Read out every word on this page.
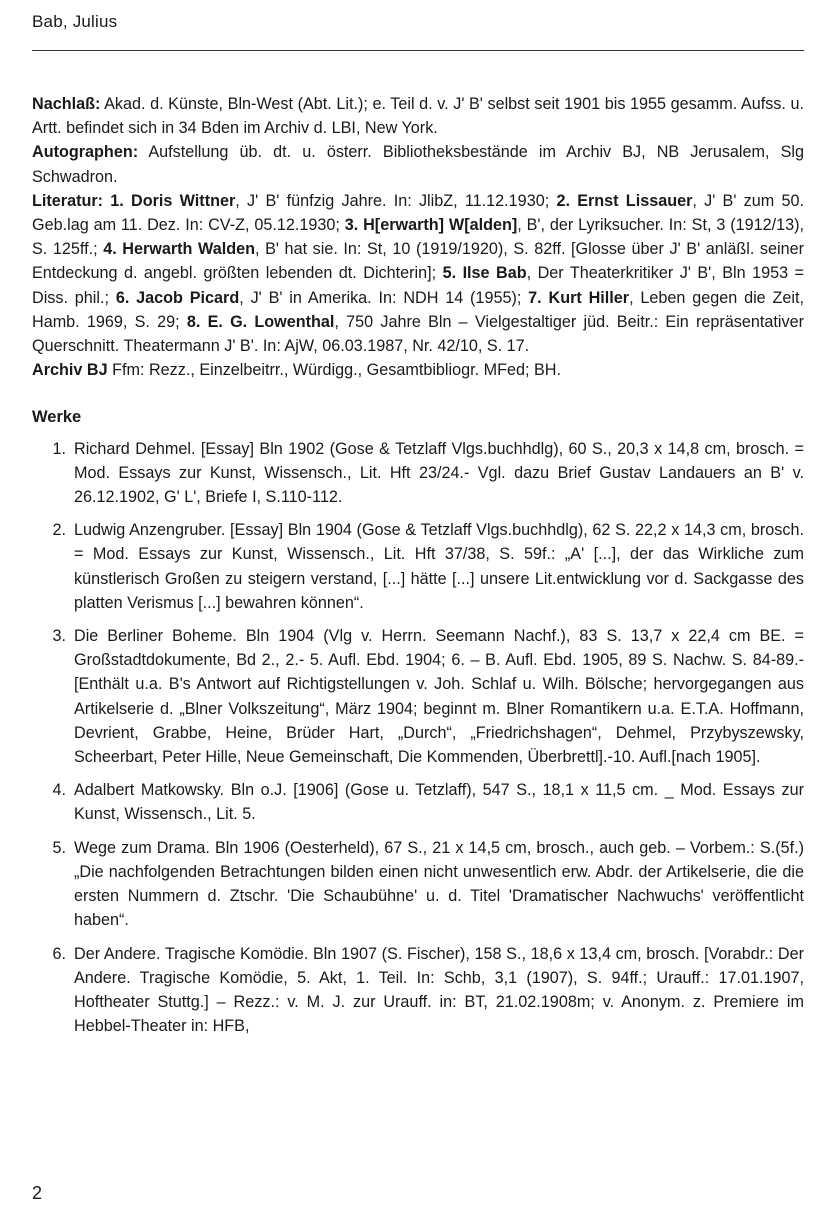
Bab, Julius

Nachlaß: Akad. d. Künste, Bln-West (Abt. Lit.); e. Teil d. v. J' B' selbst seit 1901 bis 1955 gesamm. Aufss. u. Artt. befindet sich in 34 Bden im Archiv d. LBI, New York.

Autographen: Aufstellung üb. dt. u. österr. Bibliotheksbestände im Archiv BJ, NB Jerusalem, Slg Schwadron.

Literatur: 1. Doris Wittner, J' B' fünfzig Jahre. In: JlibZ, 11.12.1930; 2. Ernst Lissauer, J' B' zum 50. Geb.lag am 11. Dez. In: CV-Z, 05.12.1930; 3. H[erwarth] W[alden], B', der Lyriksucher. In: St, 3 (1912/13), S. 125ff.; 4. Herwarth Walden, B' hat sie. In: St, 10 (1919/1920), S. 82ff. [Glosse über J' B' anläßl. seiner Entdeckung d. angebl. größten lebenden dt. Dichterin]; 5. Ilse Bab, Der Theaterkritiker J' B', Bln 1953 = Diss. phil.; 6. Jacob Picard, J' B' in Amerika. In: NDH 14 (1955); 7. Kurt Hiller, Leben gegen die Zeit, Hamb. 1969, S. 29; 8. E. G. Lowenthal, 750 Jahre Bln – Vielgestaltiger jüd. Beitr.: Ein repräsentativer Querschnitt. Theatermann J' B'. In: AjW, 06.03.1987, Nr. 42/10, S. 17.

Archiv BJ Ffm: Rezz., Einzelbeitrr., Würdigg., Gesamtbibliogr. MFed; BH.

Werke
1. Richard Dehmel. [Essay] Bln 1902 (Gose & Tetzlaff Vlgs.buchhdlg), 60 S., 20,3 x 14,8 cm, brosch. = Mod. Essays zur Kunst, Wissensch., Lit. Hft 23/24.- Vgl. dazu Brief Gustav Landauers an B' v. 26.12.1902, G' L', Briefe I, S.110-112.
2. Ludwig Anzengruber. [Essay] Bln 1904 (Gose & Tetzlaff Vlgs.buchhdlg), 62 S. 22,2 x 14,3 cm, brosch. = Mod. Essays zur Kunst, Wissensch., Lit. Hft 37/38, S. 59f.: „A' [...], der das Wirkliche zum künstlerisch Großen zu steigern verstand, [...] hätte [...] unsere Lit.entwicklung vor d. Sackgasse des platten Verismus [...] bewahren können“.
3. Die Berliner Boheme. Bln 1904 (Vlg v. Herrn. Seemann Nachf.), 83 S. 13,7 x 22,4 cm BE. = Großstadtdokumente, Bd 2., 2.- 5. Aufl. Ebd. 1904; 6. – B. Aufl. Ebd. 1905, 89 S. Nachw. S. 84-89.- [Enthält u.a. B's Antwort auf Richtigstellungen v. Joh. Schlaf u. Wilh. Bölsche; hervorgegangen aus Artikelserie d. „Blner Volkszeitung“, März 1904; beginnt m. Blner Romantikern u.a. E.T.A. Hoffmann, Devrient, Grabbe, Heine, Brüder Hart, „Durch“, „Friedrichshagen“, Dehmel, Przybyszewsky, Scheerbart, Peter Hille, Neue Gemeinschaft, Die Kommenden, Überbrettl].-10. Aufl.[nach 1905].
4. Adalbert Matkowsky. Bln o.J. [1906] (Gose u. Tetzlaff), 547 S., 18,1 x 11,5 cm. _ Mod. Essays zur Kunst, Wissensch., Lit. 5.
5. Wege zum Drama. Bln 1906 (Oesterheld), 67 S., 21 x 14,5 cm, brosch., auch geb. – Vorbem.: S.(5f.) „Die nachfolgenden Betrachtungen bilden einen nicht unwesentlich erw. Abdr. der Artikelserie, die die ersten Nummern d. Ztschr. 'Die Schaubühne' u. d. Titel 'Dramatischer Nachwuchs' veröffentlicht haben“.
6. Der Andere. Tragische Komödie. Bln 1907 (S. Fischer), 158 S., 18,6 x 13,4 cm, brosch. [Vorabdr.: Der Andere. Tragische Komödie, 5. Akt, 1. Teil. In: Schb, 3,1 (1907), S. 94ff.; Urauff.: 17.01.1907, Hoftheater Stuttg.] – Rezz.: v. M. J. zur Urauff. in: BT, 21.02.1908m; v. Anonym. z. Premiere im Hebbel-Theater in: HFB,
2
